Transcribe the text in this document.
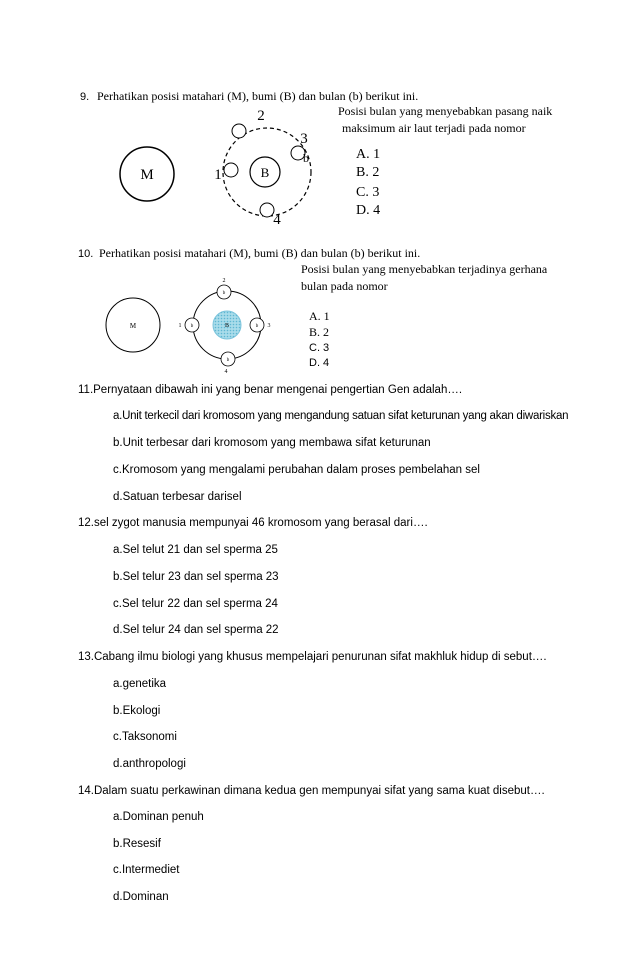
9. Perhatikan posisi matahari (M), bumi (B) dan bulan (b) berikut ini.
Posisi bulan yang menyebabkan pasang naik
maksimum air laut terjadi pada nomor
M	B
2
1
3
b
4
A. 1
B. 2
C. 3
D. 4
10. Perhatikan posisi matahari (M), bumi (B) dan bulan (b) berikut ini.
Posisi bulan yang menyebabkan terjadinya gerhana
bulan pada nomor
M	B
b
b	b
b
2
1	3
4
A. 1
B. 2
C. 3
D. 4
11.Pernyataan dibawah ini yang benar mengenai pengertian Gen adalah….
a.Unit terkecil dari kromosom yang mengandung satuan sifat keturunan yang akan diwariskan
b.Unit terbesar dari kromosom yang membawa sifat keturunan
c.Kromosom yang mengalami perubahan dalam proses pembelahan sel
d.Satuan terbesar darisel
12.sel zygot manusia mempunyai 46 kromosom yang berasal dari….
a.Sel telut 21 dan sel sperma 25
b.Sel telur 23 dan sel sperma 23
c.Sel telur 22 dan sel sperma 24
d.Sel telur 24 dan sel sperma 22
13.Cabang ilmu biologi yang khusus mempelajari penurunan sifat makhluk hidup di sebut….
a.genetika
b.Ekologi
c.Taksonomi
d.anthropologi
14.Dalam suatu perkawinan dimana kedua gen mempunyai sifat yang sama kuat disebut….
a.Dominan penuh
b.Resesif
c.Intermediet
d.Dominan
